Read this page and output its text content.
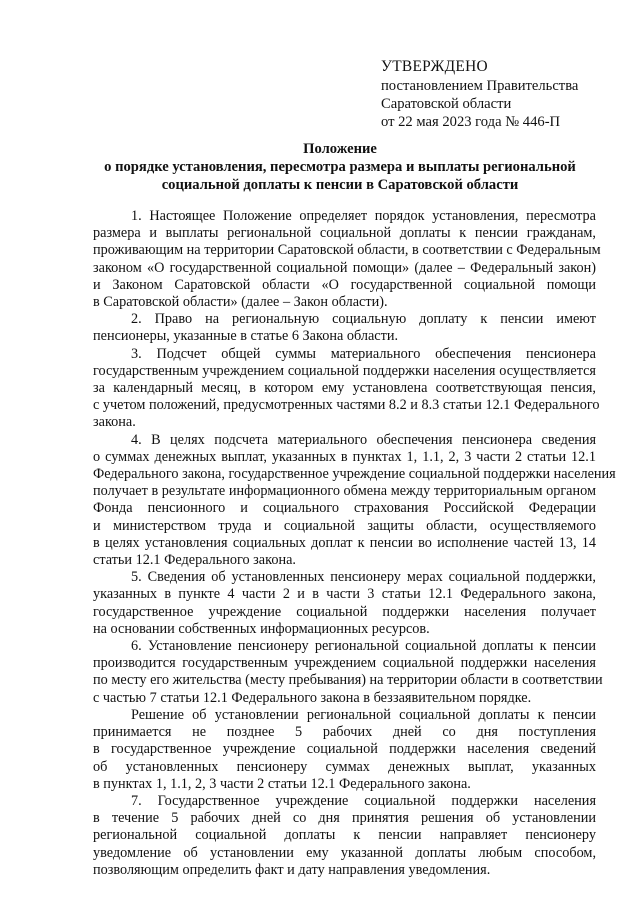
УТВЕРЖДЕНО
постановлением Правительства
Саратовской области
от 22 мая 2023 года № 446-П
Положение
о порядке установления, пересмотра размера и выплаты региональной
социальной доплаты к пенсии в Саратовской области
1. Настоящее Положение определяет порядок установления, пересмотра
размера и выплаты региональной социальной доплаты к пенсии гражданам,
проживающим на территории Саратовской области, в соответствии с Федеральным
законом «О государственной социальной помощи» (далее – Федеральный закон)
и Законом Саратовской области «О государственной социальной помощи
в Саратовской области» (далее – Закон области).
2. Право на региональную социальную доплату к пенсии имеют
пенсионеры, указанные в статье 6 Закона области.
3. Подсчет общей суммы материального обеспечения пенсионера
государственным учреждением социальной поддержки населения осуществляется
за календарный месяц, в котором ему установлена соответствующая пенсия,
с учетом положений, предусмотренных частями 8.2 и 8.3 статьи 12.1 Федерального
закона.
4. В целях подсчета материального обеспечения пенсионера сведения
о суммах денежных выплат, указанных в пунктах 1, 1.1, 2, 3 части 2 статьи 12.1
Федерального закона, государственное учреждение социальной поддержки населения
получает в результате информационного обмена между территориальным органом
Фонда пенсионного и социального страхования Российской Федерации
и министерством труда и социальной защиты области, осуществляемого
в целях установления социальных доплат к пенсии во исполнение частей 13, 14
статьи 12.1 Федерального закона.
5. Сведения об установленных пенсионеру мерах социальной поддержки,
указанных в пункте 4 части 2 и в части 3 статьи 12.1 Федерального закона,
государственное учреждение социальной поддержки населения получает
на основании собственных информационных ресурсов.
6. Установление пенсионеру региональной социальной доплаты к пенсии
производится государственным учреждением социальной поддержки населения
по месту его жительства (месту пребывания) на территории области в соответствии
с частью 7 статьи 12.1 Федерального закона в беззаявительном порядке.
Решение об установлении региональной социальной доплаты к пенсии
принимается не позднее 5 рабочих дней со дня поступления
в государственное учреждение социальной поддержки населения сведений
об установленных пенсионеру суммах денежных выплат, указанных
в пунктах 1, 1.1, 2, 3 части 2 статьи 12.1 Федерального закона.
7. Государственное учреждение социальной поддержки населения
в течение 5 рабочих дней со дня принятия решения об установлении
региональной социальной доплаты к пенсии направляет пенсионеру
уведомление об установлении ему указанной доплаты любым способом,
позволяющим определить факт и дату направления уведомления.
